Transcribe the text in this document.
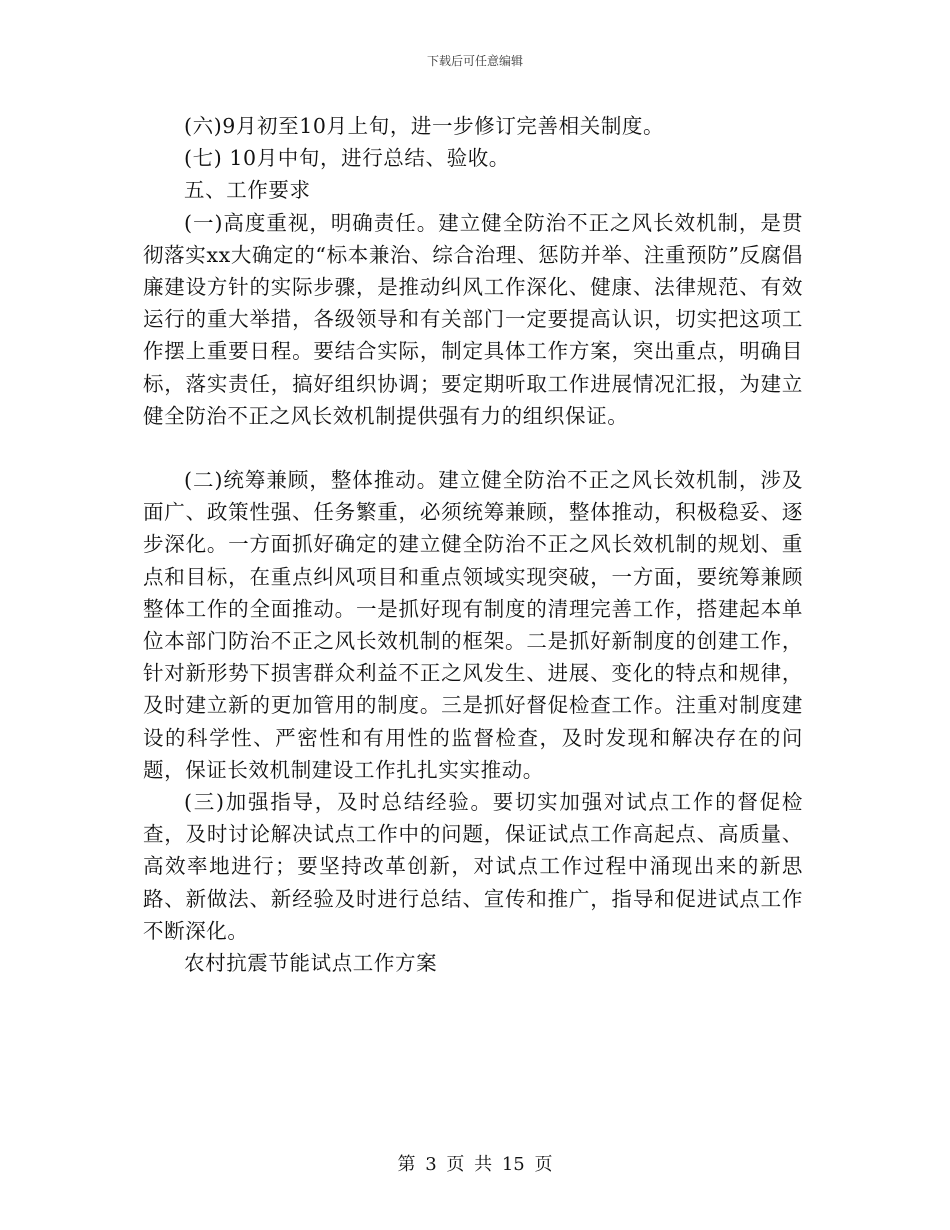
下载后可任意编辑

(六)9月初至10月上旬，进一步修订完善相关制度。

(七) 10月中旬，进行总结、验收。

五、工作要求

(一)高度重视，明确责任。建立健全防治不正之风长效机制，是贯彻落实xx大确定的“标本兼治、综合治理、惩防并举、注重预防”反腐倡廉建设方针的实际步骤，是推动纠风工作深化、健康、法律规范、有效运行的重大举措，各级领导和有关部门一定要提高认识，切实把这项工作摆上重要日程。要结合实际，制定具体工作方案，突出重点，明确目标，落实责任，搞好组织协调；要定期听取工作进展情况汇报，为建立健全防治不正之风长效机制提供强有力的组织保证。

(二)统筹兼顾，整体推动。建立健全防治不正之风长效机制，涉及面广、政策性强、任务繁重，必须统筹兼顾，整体推动，积极稳妥、逐步深化。一方面抓好确定的建立健全防治不正之风长效机制的规划、重点和目标，在重点纠风项目和重点领域实现突破，一方面，要统筹兼顾整体工作的全面推动。一是抓好现有制度的清理完善工作，搭建起本单位本部门防治不正之风长效机制的框架。二是抓好新制度的创建工作，针对新形势下损害群众利益不正之风发生、进展、变化的特点和规律，及时建立新的更加管用的制度。三是抓好督促检查工作。注重对制度建设的科学性、严密性和有用性的监督检查，及时发现和解决存在的问题，保证长效机制建设工作扎扎实实推动。

(三)加强指导，及时总结经验。要切实加强对试点工作的督促检查，及时讨论解决试点工作中的问题，保证试点工作高起点、高质量、高效率地进行；要坚持改革创新，对试点工作过程中涌现出来的新思路、新做法、新经验及时进行总结、宣传和推广，指导和促进试点工作不断深化。

农村抗震节能试点工作方案

第 3 页 共 15 页
